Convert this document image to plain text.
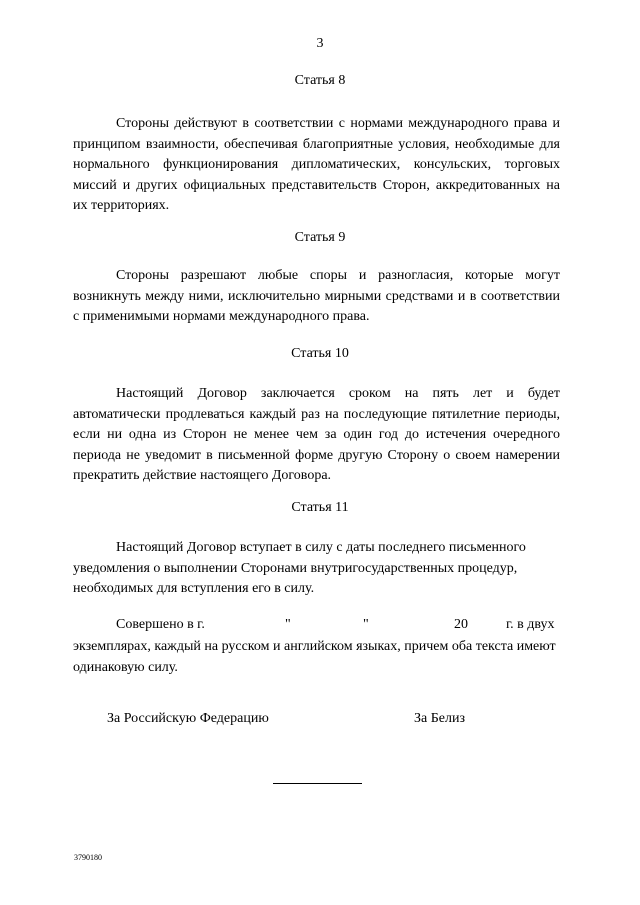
3
Статья 8

Стороны действуют в соответствии с нормами международного права и принципом взаимности, обеспечивая благоприятные условия, необходимые для нормального функционирования дипломатических, консульских, торговых миссий и других официальных представительств Сторон, аккредитованных на их территориях.

Статья 9

Стороны разрешают любые споры и разногласия, которые могут возникнуть между ними, исключительно мирными средствами и в соответствии с применимыми нормами международного права.

Статья 10

Настоящий Договор заключается сроком на пять лет и будет автоматически продлеваться каждый раз на последующие пятилетние периоды, если ни одна из Сторон не менее чем за один год до истечения очередного периода не уведомит в письменной форме другую Сторону о своем намерении прекратить действие настоящего Договора.

Статья 11

Настоящий Договор вступает в силу с даты последнего письменного уведомления о выполнении Сторонами внутригосударственных процедур, необходимых для вступления его в силу.

Совершено в г.	"	"	20	г. в двух

экземплярах, каждый на русском и английском языках, причем оба текста имеют одинаковую силу.

За Российскую Федерацию	За Белиз
3790180
